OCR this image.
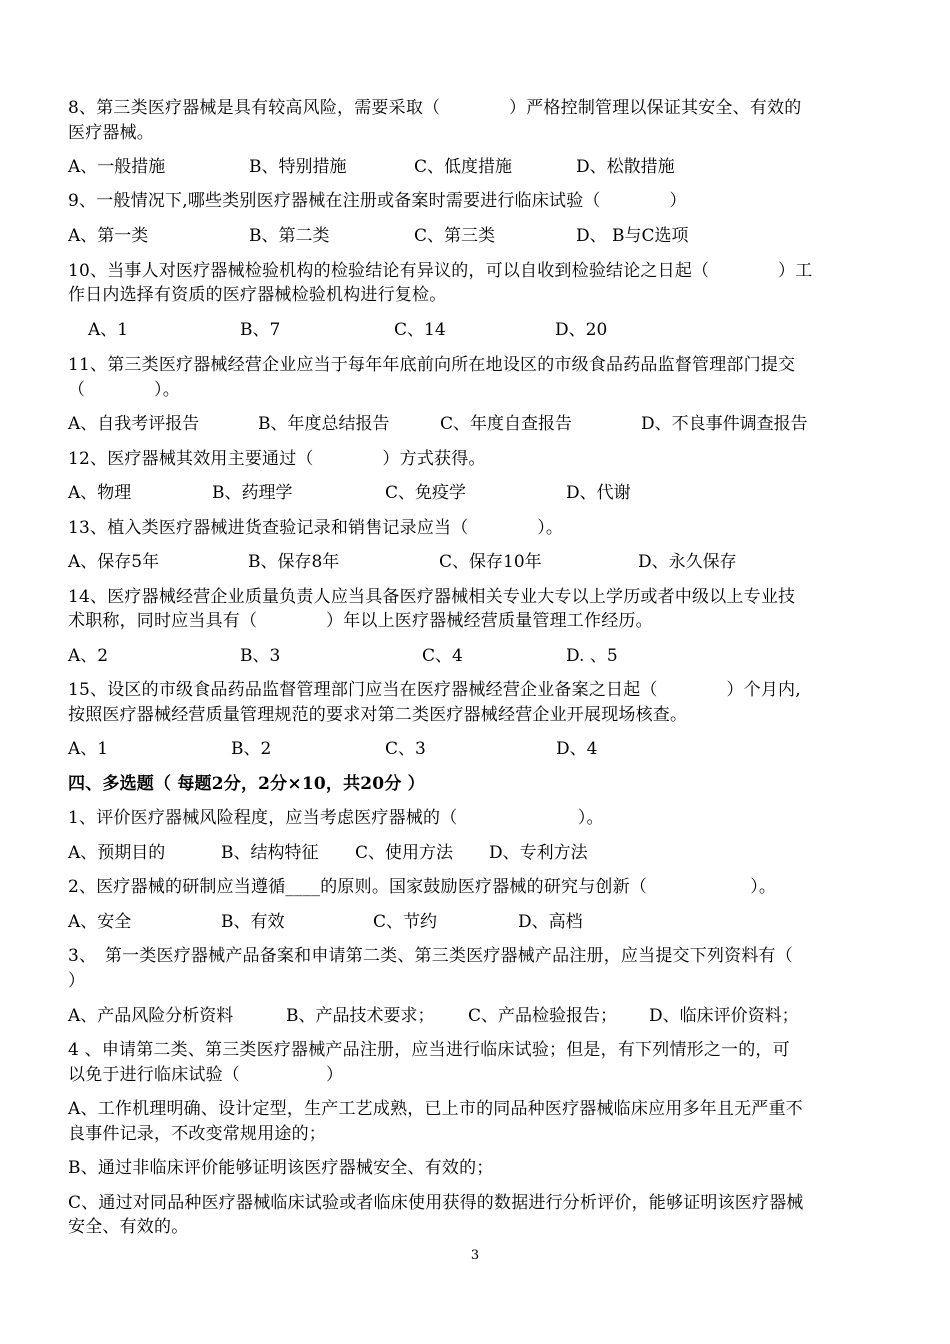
8、第三类医疗器械是具有较高风险，需要采取（　　　　）严格控制管理以保证其安全、有效的
医疗器械。
A、一般措施	B、特别措施	C、低度措施	D、松散措施
9、一般情况下,哪些类别医疗器械在注册或备案时需要进行临床试验（　　　　）
A、第一类	B、第二类	C、第三类	D、 B与C选项
10、当事人对医疗器械检验机构的检验结论有异议的，可以自收到检验结论之日起（　　　　）工
作日内选择有资质的医疗器械检验机构进行复检。
A、1	B、7	C、14	D、20
11、第三类医疗器械经营企业应当于每年年底前向所在地设区的市级食品药品监督管理部门提交
（　　　　）。
A、自我考评报告	B、年度总结报告	C、年度自查报告	D、不良事件调查报告
12、医疗器械其效用主要通过（　　　　）方式获得。
A、物理	B、药理学	C、免疫学	D、代谢
13、植入类医疗器械进货查验记录和销售记录应当（　　　　）。
A、保存5年	B、保存8年	C、保存10年	D、永久保存
14、医疗器械经营企业质量负责人应当具备医疗器械相关专业大专以上学历或者中级以上专业技
术职称，同时应当具有（　　　　）年以上医疗器械经营质量管理工作经历。
A、2	B、3	C、4	D. 、5
15、设区的市级食品药品监督管理部门应当在医疗器械经营企业备案之日起（　　　　）个月内,
按照医疗器械经营质量管理规范的要求对第二类医疗器械经营企业开展现场核查。
A、1	B、2	C、3	D、4
四、多选题（ 每题2分，2分×10，共20分 ）
1、评价医疗器械风险程度，应当考虑医疗器械的（　　　　　　　）。
A、预期目的	B、结构特征 C、使用方法 D、专利方法
2、医疗器械的研制应当遵循____的原则。国家鼓励医疗器械的研究与创新（　　　　　　）。
A、安全	B、有效	C、节约	D、高档
3、　第一类医疗器械产品备案和申请第二类、第三类医疗器械产品注册，应当提交下列资料有（
）
A、产品风险分析资料	B、产品技术要求； C、产品检验报告； D、临床评价资料；
4 、申请第二类、第三类医疗器械产品注册，应当进行临床试验；但是，有下列情形之一的，可
以免于进行临床试验（　　　　　）
A、工作机理明确、设计定型，生产工艺成熟，已上市的同品种医疗器械临床应用多年且无严重不
良事件记录，不改变常规用途的；
B、通过非临床评价能够证明该医疗器械安全、有效的；
C、通过对同品种医疗器械临床试验或者临床使用获得的数据进行分析评价，能够证明该医疗器械
安全、有效的。
3
